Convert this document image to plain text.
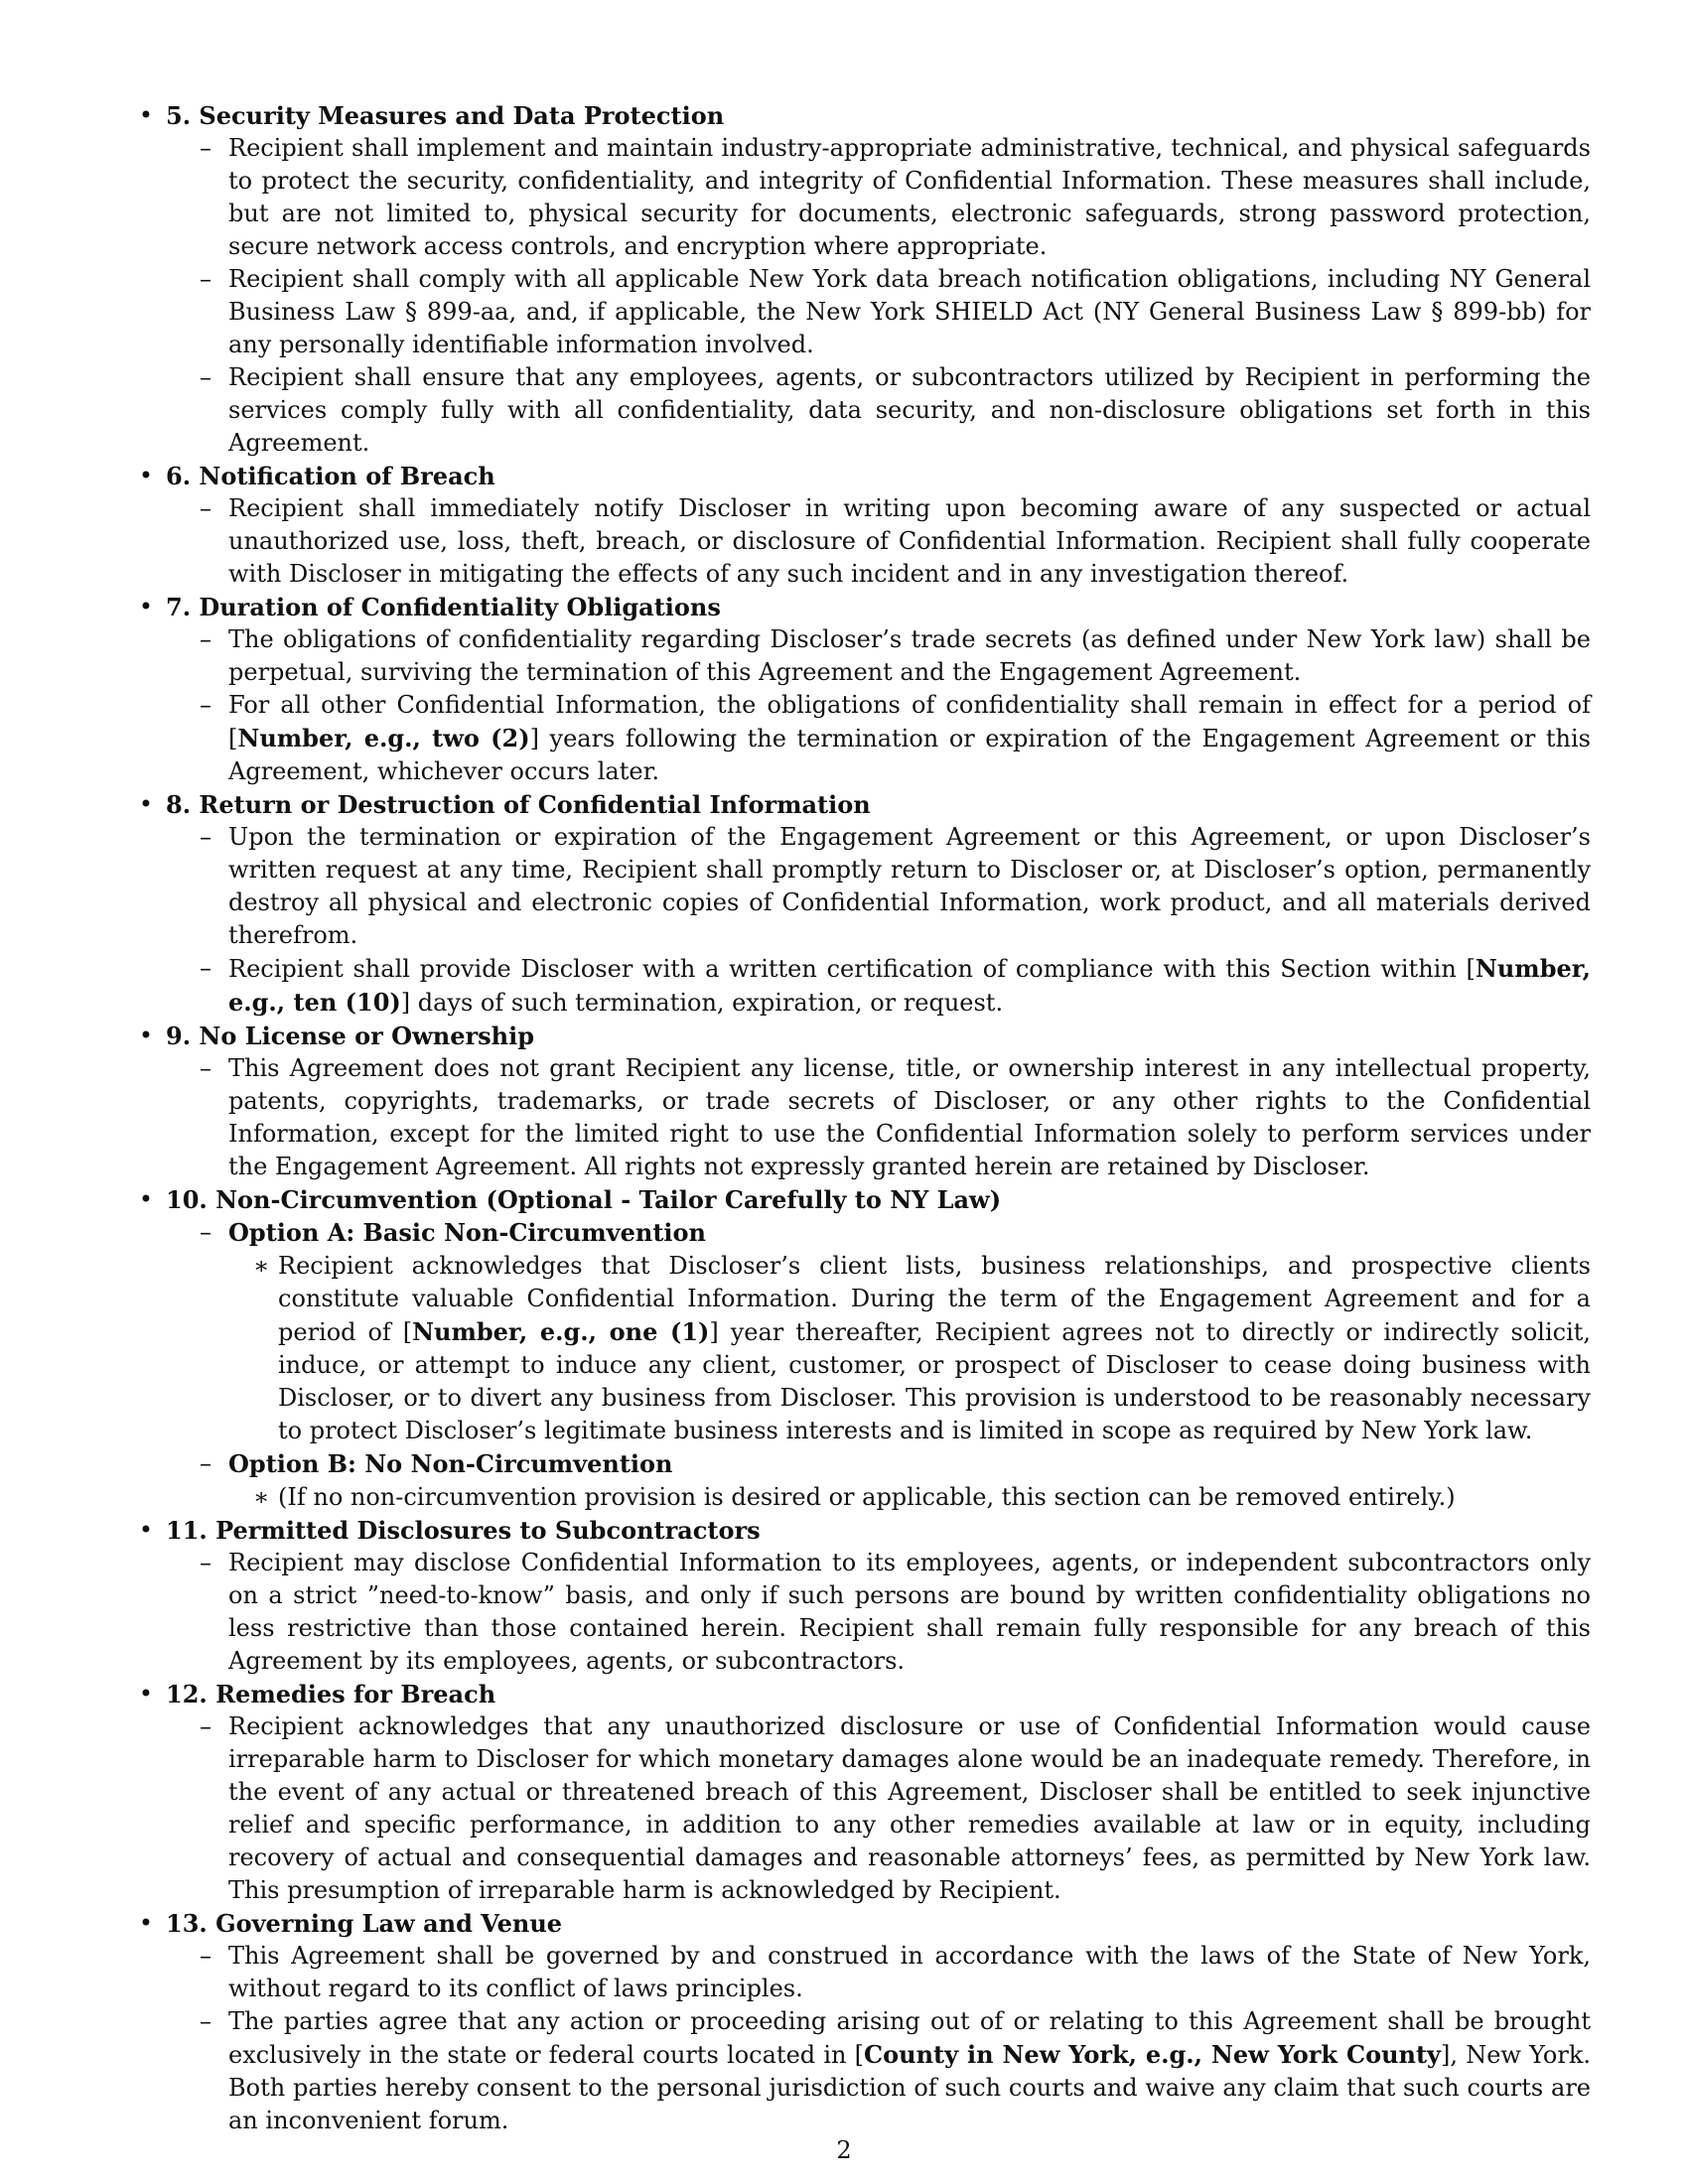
• 5. Security Measures and Data Protection
– Recipient shall implement and maintain industry-appropriate administrative, technical, and physical safeguards to protect the security, confidentiality, and integrity of Confidential Information. These measures shall include, but are not limited to, physical security for documents, electronic safeguards, strong password protection, secure network access controls, and encryption where appropriate.
– Recipient shall comply with all applicable New York data breach notification obligations, including NY General Business Law § 899-aa, and, if applicable, the New York SHIELD Act (NY General Business Law § 899-bb) for any personally identifiable information involved.
– Recipient shall ensure that any employees, agents, or subcontractors utilized by Recipient in performing the services comply fully with all confidentiality, data security, and non-disclosure obligations set forth in this Agreement.
• 6. Notification of Breach
– Recipient shall immediately notify Discloser in writing upon becoming aware of any suspected or actual unauthorized use, loss, theft, breach, or disclosure of Confidential Information. Recipient shall fully cooperate with Discloser in mitigating the effects of any such incident and in any investigation thereof.
• 7. Duration of Confidentiality Obligations
– The obligations of confidentiality regarding Discloser’s trade secrets (as defined under New York law) shall be perpetual, surviving the termination of this Agreement and the Engagement Agreement.
– For all other Confidential Information, the obligations of confidentiality shall remain in effect for a period of [Number, e.g., two (2)] years following the termination or expiration of the Engagement Agreement or this Agreement, whichever occurs later.
• 8. Return or Destruction of Confidential Information
– Upon the termination or expiration of the Engagement Agreement or this Agreement, or upon Discloser’s written request at any time, Recipient shall promptly return to Discloser or, at Discloser’s option, permanently destroy all physical and electronic copies of Confidential Information, work product, and all materials derived therefrom.
– Recipient shall provide Discloser with a written certification of compliance with this Section within [Number, e.g., ten (10)] days of such termination, expiration, or request.
• 9. No License or Ownership
– This Agreement does not grant Recipient any license, title, or ownership interest in any intellectual property, patents, copyrights, trademarks, or trade secrets of Discloser, or any other rights to the Confidential Information, except for the limited right to use the Confidential Information solely to perform services under the Engagement Agreement. All rights not expressly granted herein are retained by Discloser.
• 10. Non-Circumvention (Optional - Tailor Carefully to NY Law)
– Option A: Basic Non-Circumvention
∗ Recipient acknowledges that Discloser’s client lists, business relationships, and prospective clients constitute valuable Confidential Information. During the term of the Engagement Agreement and for a period of [Number, e.g., one (1)] year thereafter, Recipient agrees not to directly or indirectly solicit, induce, or attempt to induce any client, customer, or prospect of Discloser to cease doing business with Discloser, or to divert any business from Discloser. This provision is understood to be reasonably necessary to protect Discloser’s legitimate business interests and is limited in scope as required by New York law.
– Option B: No Non-Circumvention
∗ (If no non-circumvention provision is desired or applicable, this section can be removed entirely.)
• 11. Permitted Disclosures to Subcontractors
– Recipient may disclose Confidential Information to its employees, agents, or independent subcontractors only on a strict ”need-to-know” basis, and only if such persons are bound by written confidentiality obligations no less restrictive than those contained herein. Recipient shall remain fully responsible for any breach of this Agreement by its employees, agents, or subcontractors.
• 12. Remedies for Breach
– Recipient acknowledges that any unauthorized disclosure or use of Confidential Information would cause irreparable harm to Discloser for which monetary damages alone would be an inadequate remedy. Therefore, in the event of any actual or threatened breach of this Agreement, Discloser shall be entitled to seek injunctive relief and specific performance, in addition to any other remedies available at law or in equity, including recovery of actual and consequential damages and reasonable attorneys’ fees, as permitted by New York law. This presumption of irreparable harm is acknowledged by Recipient.
• 13. Governing Law and Venue
– This Agreement shall be governed by and construed in accordance with the laws of the State of New York, without regard to its conflict of laws principles.
– The parties agree that any action or proceeding arising out of or relating to this Agreement shall be brought exclusively in the state or federal courts located in [County in New York, e.g., New York County], New York. Both parties hereby consent to the personal jurisdiction of such courts and waive any claim that such courts are an inconvenient forum.
2
